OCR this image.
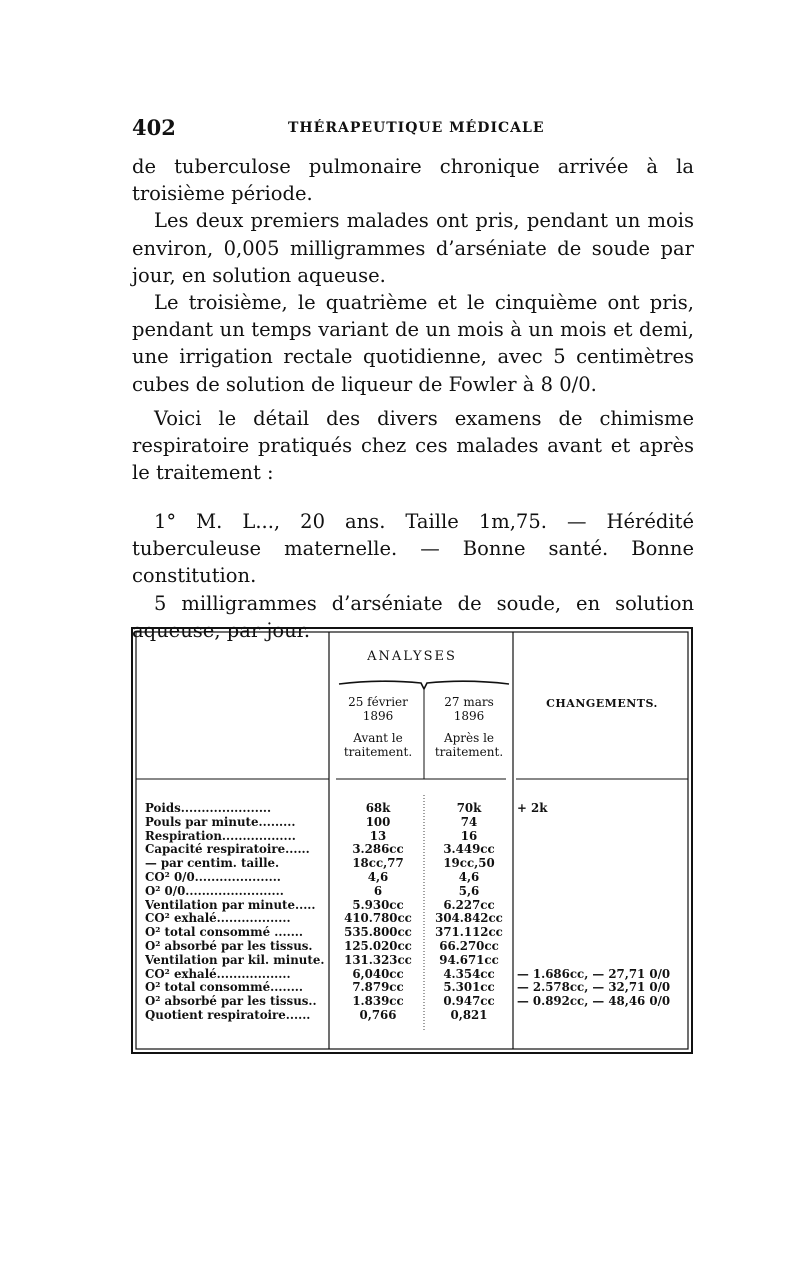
402	THÉRAPEUTIQUE MÉDICALE

de tuberculose pulmonaire chronique arrivée à la troisième période.

Les deux premiers malades ont pris, pendant un mois environ, 0,005 milligrammes d’arséniate de soude par jour, en solution aqueuse.

Le troisième, le quatrième et le cinquième ont pris, pendant un temps variant de un mois à un mois et demi, une irrigation rectale quotidienne, avec 5 centimètres cubes de solution de liqueur de Fowler à 8 0/0.

Voici le détail des divers examens de chimisme respiratoire pratiqués chez ces malades avant et après le traitement :

1° M. L..., 20 ans. Taille 1m,75. — Hérédité tuberculeuse maternelle. — Bonne santé. Bonne constitution.

5 milligrammes d’arséniate de soude, en solution aqueuse, par jour.

ANALYSES
CHANGEMENTS.
25 février
1896
27 mars
1896
Avant le
traitement.
Après le
traitement.
Poids......................
Pouls par minute.........
Respiration..................
Capacité respiratoire......
— par centim. taille.
CO² 0/0.....................
O² 0/0........................
Ventilation par minute.....
CO² exhalé..................
O² total consommé .......
O² absorbé par les tissus.
Ventilation par kil. minute.
CO² exhalé..................
O² total consommé........
O² absorbé par les tissus..
Quotient respiratoire......
68k
100
13
3.286cc
18cc,77
4,6
6
5.930cc
410.780cc
535.800cc
125.020cc
131.323cc
6,040cc
7.879cc
1.839cc
0,766
70k
74
16
3.449cc
19cc,50
4,6
5,6
6.227cc
304.842cc
371.112cc
66.270cc
94.671cc
4.354cc
5.301cc
0.947cc
0,821
+ 2k
— 1.686cc, — 27,71 0/0
— 2.578cc, — 32,71 0/0
— 0.892cc, — 48,46 0/0
